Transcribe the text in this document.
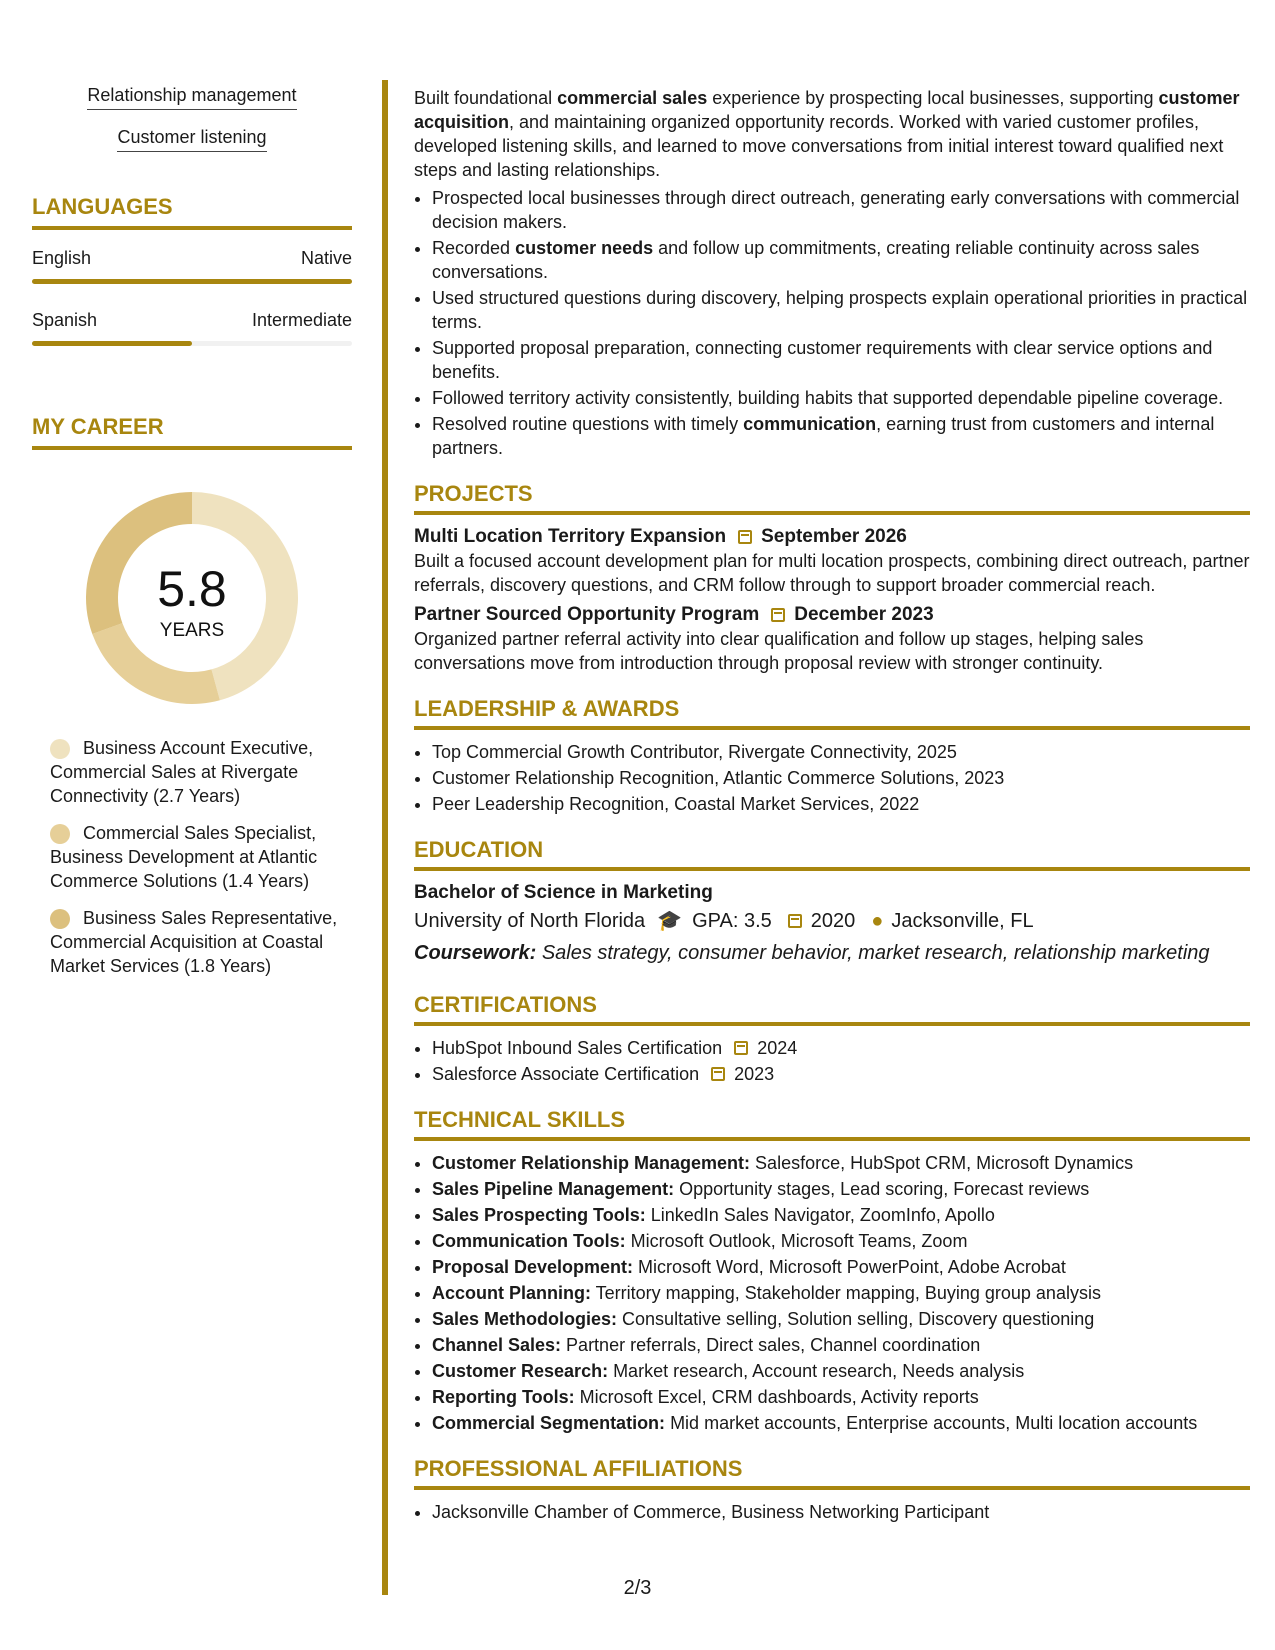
Relationship management
Customer listening
LANGUAGES
English	Native
Spanish	Intermediate
MY CAREER
5.8
YEARS
Business Account Executive, Commercial Sales at Rivergate Connectivity (2.7 Years)
Commercial Sales Specialist, Business Development at Atlantic Commerce Solutions (1.4 Years)
Business Sales Representative, Commercial Acquisition at Coastal Market Services (1.8 Years)

Built foundational commercial sales experience by prospecting local businesses, supporting customer acquisition, and maintaining organized opportunity records. Worked with varied customer profiles, developed listening skills, and learned to move conversations from initial interest toward qualified next steps and lasting relationships.

• Prospected local businesses through direct outreach, generating early conversations with commercial decision makers.
• Recorded customer needs and follow up commitments, creating reliable continuity across sales conversations.
• Used structured questions during discovery, helping prospects explain operational priorities in practical terms.
• Supported proposal preparation, connecting customer requirements with clear service options and benefits.
• Followed territory activity consistently, building habits that supported dependable pipeline coverage.
• Resolved routine questions with timely communication, earning trust from customers and internal partners.
PROJECTS
Multi Location Territory Expansion September 2026

Built a focused account development plan for multi location prospects, combining direct outreach, partner referrals, discovery questions, and CRM follow through to support broader commercial reach.

Partner Sourced Opportunity Program December 2023

Organized partner referral activity into clear qualification and follow up stages, helping sales conversations move from introduction through proposal review with stronger continuity.

LEADERSHIP & AWARDS
• Top Commercial Growth Contributor, Rivergate Connectivity, 2025
• Customer Relationship Recognition, Atlantic Commerce Solutions, 2023
• Peer Leadership Recognition, Coastal Market Services, 2022
EDUCATION
Bachelor of Science in Marketing
University of North Florida 🎓 GPA: 3.5 2020 ● Jacksonville, FL
Coursework: Sales strategy, consumer behavior, market research, relationship marketing
CERTIFICATIONS
• HubSpot Inbound Sales Certification 2024
• Salesforce Associate Certification 2023
TECHNICAL SKILLS
• Customer Relationship Management: Salesforce, HubSpot CRM, Microsoft Dynamics
• Sales Pipeline Management: Opportunity stages, Lead scoring, Forecast reviews
• Sales Prospecting Tools: LinkedIn Sales Navigator, ZoomInfo, Apollo
• Communication Tools: Microsoft Outlook, Microsoft Teams, Zoom
• Proposal Development: Microsoft Word, Microsoft PowerPoint, Adobe Acrobat
• Account Planning: Territory mapping, Stakeholder mapping, Buying group analysis
• Sales Methodologies: Consultative selling, Solution selling, Discovery questioning
• Channel Sales: Partner referrals, Direct sales, Channel coordination
• Customer Research: Market research, Account research, Needs analysis
• Reporting Tools: Microsoft Excel, CRM dashboards, Activity reports
• Commercial Segmentation: Mid market accounts, Enterprise accounts, Multi location accounts
PROFESSIONAL AFFILIATIONS
• Jacksonville Chamber of Commerce, Business Networking Participant
2/3
